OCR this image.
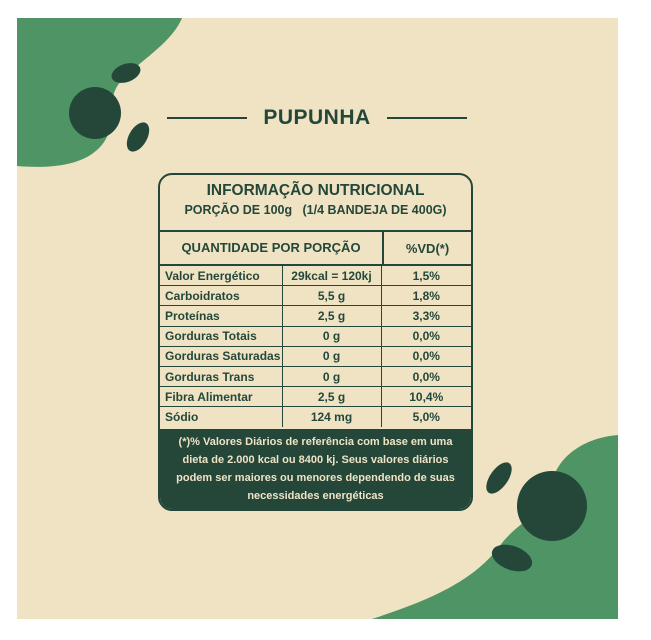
PUPUNHA
INFORMAÇÃO NUTRICIONAL
PORÇÃO DE 100g   (1/4 BANDEJA DE 400G)
QUANTIDADE POR PORÇÃO	%VD(*)
Valor Energético	29kcal = 120kj	1,5%
Carboidratos	5,5 g	1,8%
Proteínas	2,5 g	3,3%
Gorduras Totais	0 g	0,0%
Gorduras Saturadas	0 g	0,0%
Gorduras Trans	0 g	0,0%
Fibra Alimentar	2,5 g	10,4%
Sódio	124 mg	5,0%
(*)% Valores Diários de referência com base em uma dieta de 2.000 kcal ou 8400 kj. Seus valores diários podem ser maiores ou menores dependendo de suas necessidades energéticas
